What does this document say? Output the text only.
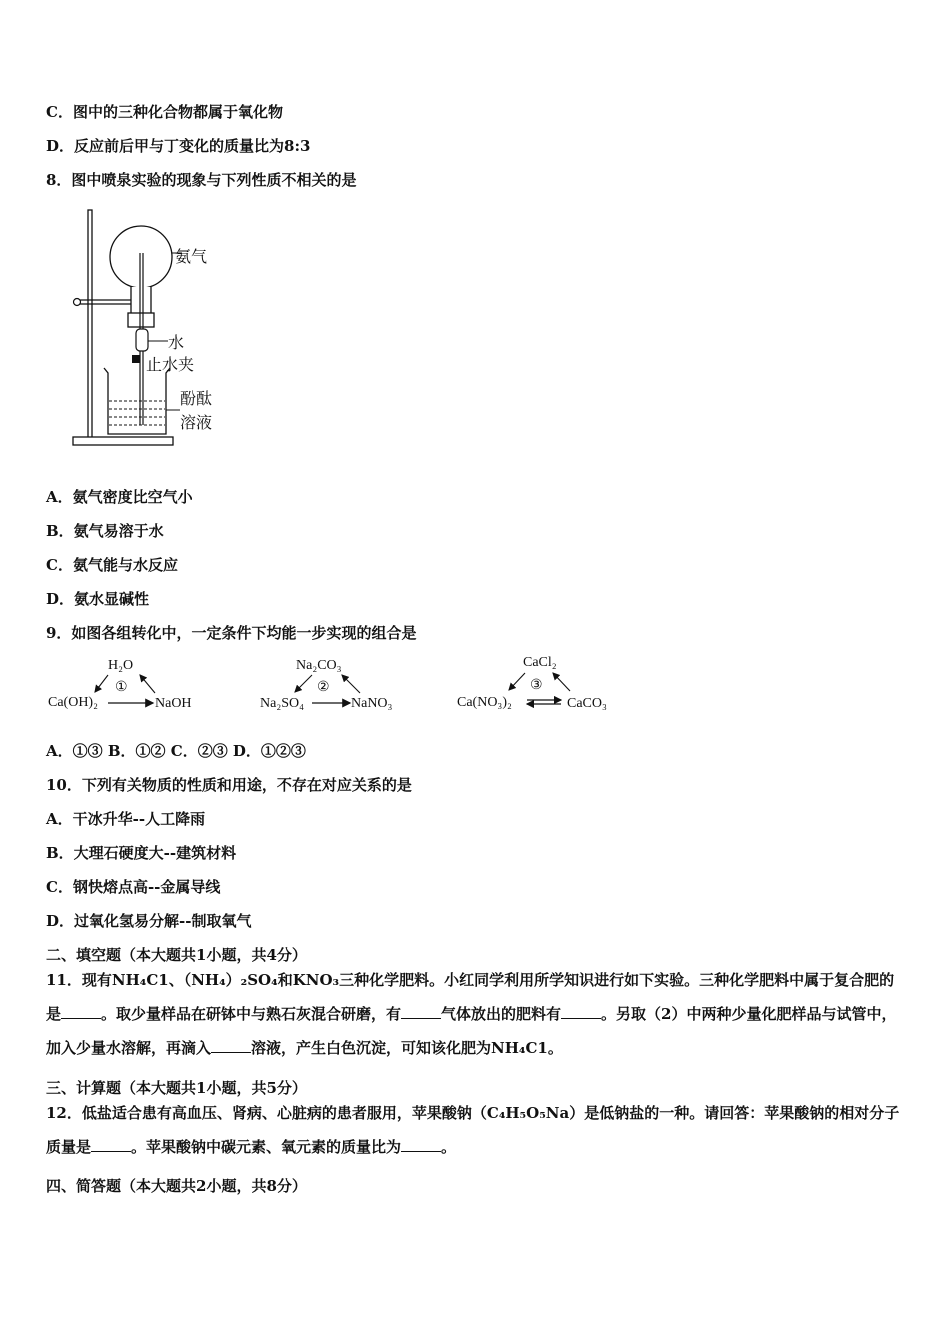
C．图中的三种化合物都属于氧化物
D．反应前后甲与丁变化的质量比为8:3
8．图中喷泉实验的现象与下列性质不相关的是
氨气
水
止水夹
酚酞
溶液
A．氨气密度比空气小
B．氨气易溶于水
C．氨气能与水反应
D．氨水显碱性
9．如图各组转化中，一定条件下均能一步实现的组合是
H₂O
Ca(OH)₂	NaOH
①
Na₂CO₃
Na₂SO₄	NaNO₃
②
CaCl₂
Ca(NO₃)₂	CaCO₃
③
A．①③ B．①② C．②③ D．①②③
10．下列有关物质的性质和用途，不存在对应关系的是
A．干冰升华--人工降雨
B．大理石硬度大--建筑材料
C．钢快熔点高--金属导线
D．过氧化氢易分解--制取氧气
二、填空题（本大题共1小题，共4分）
11．现有NH₄C1、（NH₄）₂SO₄和KNO₃三种化学肥料。小红同学利用所学知识进行如下实验。三种化学肥料中属于复合肥的是	。取少量样品在研钵中与熟石灰混合研磨，有	气体放出的肥料有	。另取（2）中两种少量化肥样品与试管中，加入少量水溶解，再滴入	溶液，产生白色沉淀，可知该化肥为NH₄C1。
三、计算题（本大题共1小题，共5分）
12．低盐适合患有高血压、肾病、心脏病的患者服用，苹果酸钠（C₄H₅O₅Na）是低钠盐的一种。请回答：苹果酸钠的相对分子质量是	。苹果酸钠中碳元素、氧元素的质量比为	。
四、简答题（本大题共2小题，共8分）
